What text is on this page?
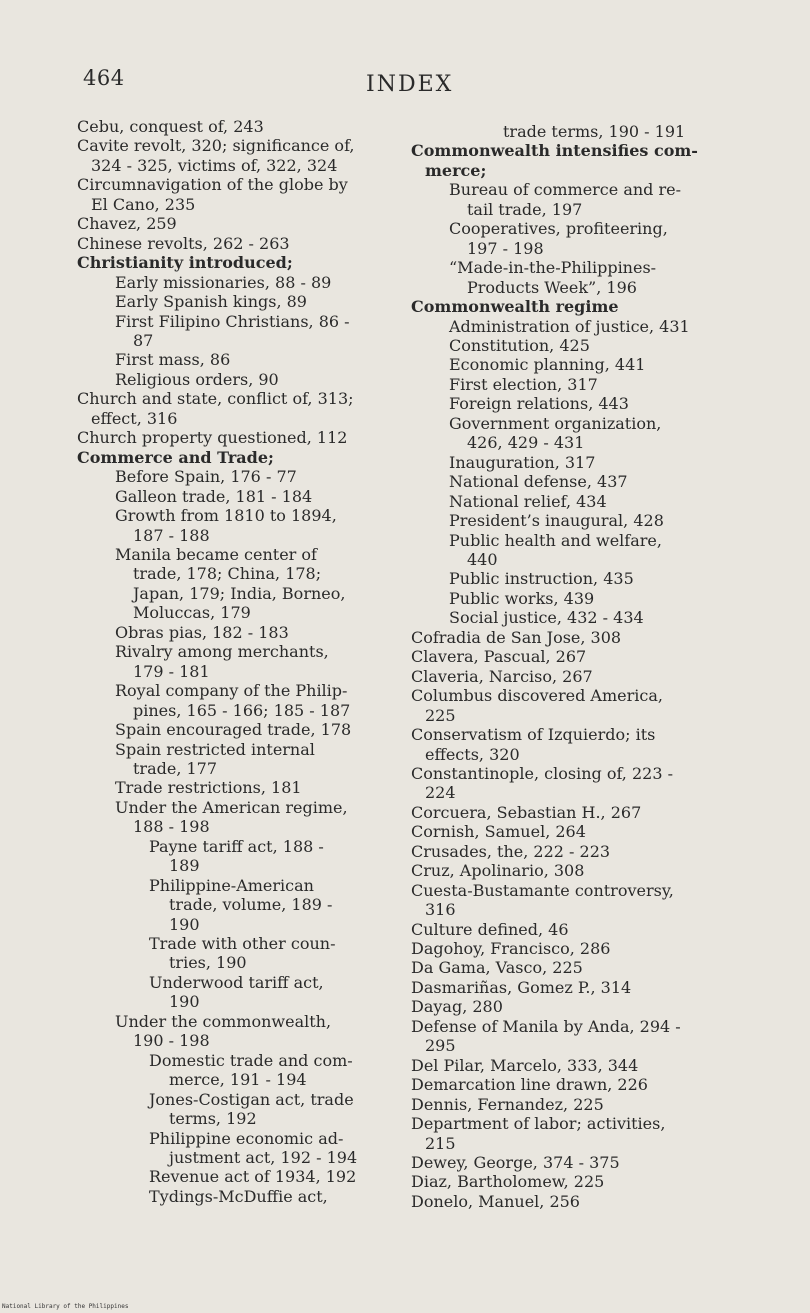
464	INDEX
Cebu, conquest of, 243
Cavite revolt, 320; significance of,
324 - 325, victims of, 322, 324
Circumnavigation of the globe by
El Cano, 235
Chavez, 259
Chinese revolts, 262 - 263
Christianity introduced;
Early missionaries, 88 - 89
Early Spanish kings, 89
First Filipino Christians, 86 -
87
First mass, 86
Religious orders, 90
Church and state, conflict of, 313;
effect, 316
Church property questioned, 112
Commerce and Trade;
Before Spain, 176 - 77
Galleon trade, 181 - 184
Growth from 1810 to 1894,
187 - 188
Manila became center of
trade, 178; China, 178;
Japan, 179; India, Borneo,
Moluccas, 179
Obras pias, 182 - 183
Rivalry among merchants,
179 - 181
Royal company of the Philip-
pines, 165 - 166; 185 - 187
Spain encouraged trade, 178
Spain restricted internal
trade, 177
Trade restrictions, 181
Under the American regime,
188 - 198
Payne tariff act, 188 -
189
Philippine-American
trade, volume, 189 -
190
Trade with other coun-
tries, 190
Underwood tariff act,
190
Under the commonwealth,
190 - 198
Domestic trade and com-
merce, 191 - 194
Jones-Costigan act, trade
terms, 192
Philippine economic ad-
justment act, 192 - 194
Revenue act of 1934, 192
Tydings-McDuffie act,
trade terms, 190 - 191
Commonwealth intensifies com-
merce;
Bureau of commerce and re-
tail trade, 197
Cooperatives, profiteering,
197 - 198
“Made-in-the-Philippines-
Products Week”, 196
Commonwealth regime
Administration of justice, 431
Constitution, 425
Economic planning, 441
First election, 317
Foreign relations, 443
Government organization,
426, 429 - 431
Inauguration, 317
National defense, 437
National relief, 434
President’s inaugural, 428
Public health and welfare,
440
Public instruction, 435
Public works, 439
Social justice, 432 - 434
Cofradia de San Jose, 308
Clavera, Pascual, 267
Claveria, Narciso, 267
Columbus discovered America,
225
Conservatism of Izquierdo; its
effects, 320
Constantinople, closing of, 223 -
224
Corcuera, Sebastian H., 267
Cornish, Samuel, 264
Crusades, the, 222 - 223
Cruz, Apolinario, 308
Cuesta-Bustamante controversy,
316
Culture defined, 46
Dagohoy, Francisco, 286
Da Gama, Vasco, 225
Dasmariñas, Gomez P., 314
Dayag, 280
Defense of Manila by Anda, 294 -
295
Del Pilar, Marcelo, 333, 344
Demarcation line drawn, 226
Dennis, Fernandez, 225
Department of labor; activities,
215
Dewey, George, 374 - 375
Diaz, Bartholomew, 225
Donelo, Manuel, 256
National Library of the Philippines
